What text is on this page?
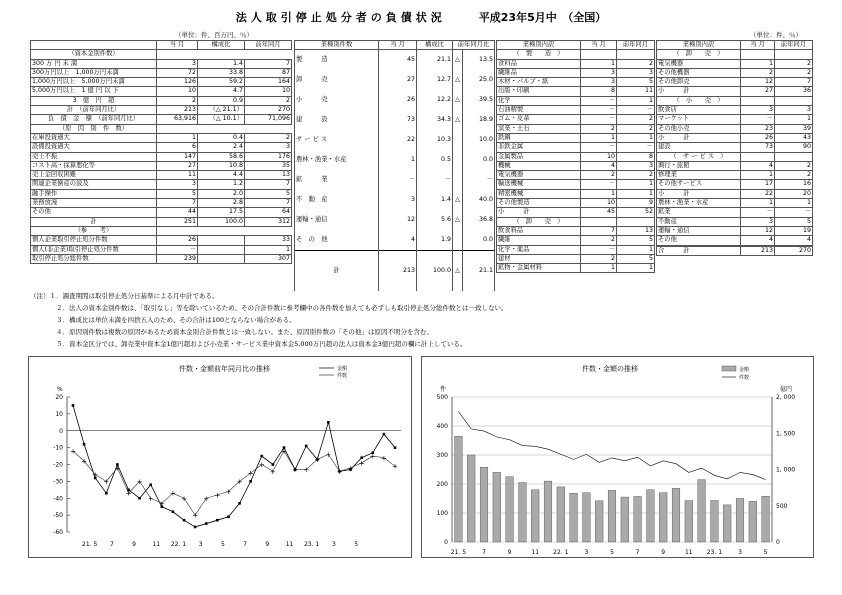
法人取引停止処分者の負債状況　　　	平成23年5月中　 （全国）
（単位：件、百万円、％）	（単位：件、％）
	当 月	構成比	前年同月
（資本金別件数）			
300 万 円 未 満	3	1.4	7
300万円以上　1,000万円未満	72	33.8	87
1,000万円以上　5,000万円未満	126	59.2	164
5,000万円以上　1 億 円 以 下	10	4.7	10
3　億　円　超	2	0.9	2
計　（前年同月比）	213	（△ 21.1）	270
負　債　金　額　（前年同月比）	63,916	（△ 10.1）	71,096
（原　因　別　件　数）			
在庫投資過大	1	0.4	2
設備投資過大	6	2.4	3
売上不振	147	58.6	176
コスト高・採算悪化等	27	10.8	35
売上金回収困難	11	4.4	13
関連企業倒産の波及	3	1.2	7
融手操作	5	2.0	5
業務放漫	7	2.8	7
その他	44	17.5	64
計	251	100.0	312
（参　　考）			
個人企業取引停止処分件数	26		33
個人(非企業)取引停止処分件数	－		1
取引停止処分総件数	239		307
業種別件数	当 月	構成比	前年同月比	
製　　　造	45	21.1	△	13.5
卸　　　売	27	12.7	△	25.0
小　　　売	26	12.2	△	39.5
建　　　設	73	34.3	△	18.9
サ ー ビ ス	22	10.3		10.0
農林・漁業・水産	1	0.5		0.0
鉱　　　業	－	－		－
不　動　産	3	1.4	△	40.0
運輸・通信	12	5.6	△	36.8
そ　の　他	4	1.9		0.0
計	213	100.0	△	21.1
業種別内訳	当 月	前年同月
（　製　　造　）		
食料品	1	2
繊維品	3	3
木材・パルプ・紙	3	5
出版・印刷	8	11
化学	－	1
石油精製	－	－
ゴム・皮革	－	2
窯業・土石	2	2
鉄鋼	1	1
非鉄金属	－	－
金属製品	10	8
機械	4	3
電気機器	2	2
輸送機械	－	1
精密機械	1	1
その他製造	10	9
小　　　計	45	52
（　卸　　売　）		
飲食料品	7	13
繊維	2	5
化学・薬品	－	1
建材	2	5
鉱物・金属材料	1	1
業種別内訳	当 月	前年同月
（　卸　　売　）		
電気機器	1	2
その他機器	2	2
その他卸売	12	7
小　　　計	27	36
（　小　　売　）		
飲食店	3	3
マーケット	－	1
その他小売	23	39
小　　　計	26	43
建設	73	90
（　サ ー ビ ス　）		
興行・旅館	4	2
修理業	1	2
その他サービス	17	16
小　　　計	22	20
農林・漁業・水産	1	1
鉱業	－	－
不動産	3	5
運輸・通信	12	19
その他	4	4

合　　　計	213	270
（注）１．調査期間は取引停止処分日基準による月中計である。
２．法人の資本金別件数は、「取引なし」等を除いているため、その合計件数に参考欄中の各件数を加えても必ずしも取引停止処分総件数とは一致しない。
３．構成比は単位未満を四捨五入のため、その合計は100とならない場合がある。
４．原因別件数は複数の原因があるため資本金別合計件数とは一致しない。また、原因別件数の「その他」は原因不明分を含む。
５．資本金区分では、卸売業中資本金1億円超および小売業・サービス業中資本金5,000万円超の法人は資本金3億円超の欄に計上している。
件数・金額前年同月比の推移
%
20
10
0
-10
-20
-30
-40
-50
-60
21. 5 7	9	11 22. 1 3	5	7	9	11 23. 1 3	5
金額
+
+
+
+
+
+
+
+
+
+
+
+
+ + +
+
+
+
+
+
+ +
+
+
+ +
+
+ +
+
件数
件数・金額の推移
件	億円
500
400
300
200
100
0
2, 000
1, 500
1, 000
500
0
21. 5	7	9	11 22. 1	3	5	7	9	11 23. 1	3	5
金額
件数
